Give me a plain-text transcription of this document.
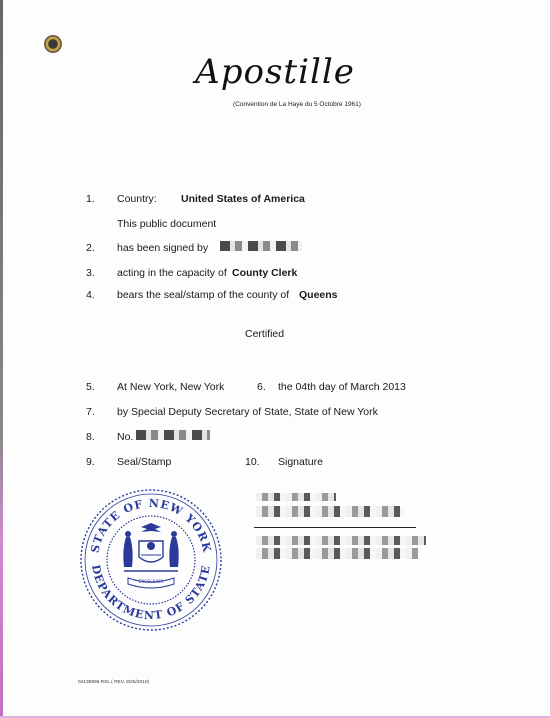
Apostille
(Convention de La Haye du 5 Octobre 1961)
1. Country: United States of America
This public document
2. has been signed by
3. acting in the capacity of County Clerk
4. bears the seal/stamp of the county of Queens
Certified
5. At New York, New York	6. the 04th day of March 2013
7. by Special Deputy Secretary of State, State of New York
8. No.
9. Seal/Stamp	10. Signature
STATE OF NEW YORK
DEPARTMENT OF STATE
EXCELSIOR
04135595.RSL ( REV. 8/25/2010)
